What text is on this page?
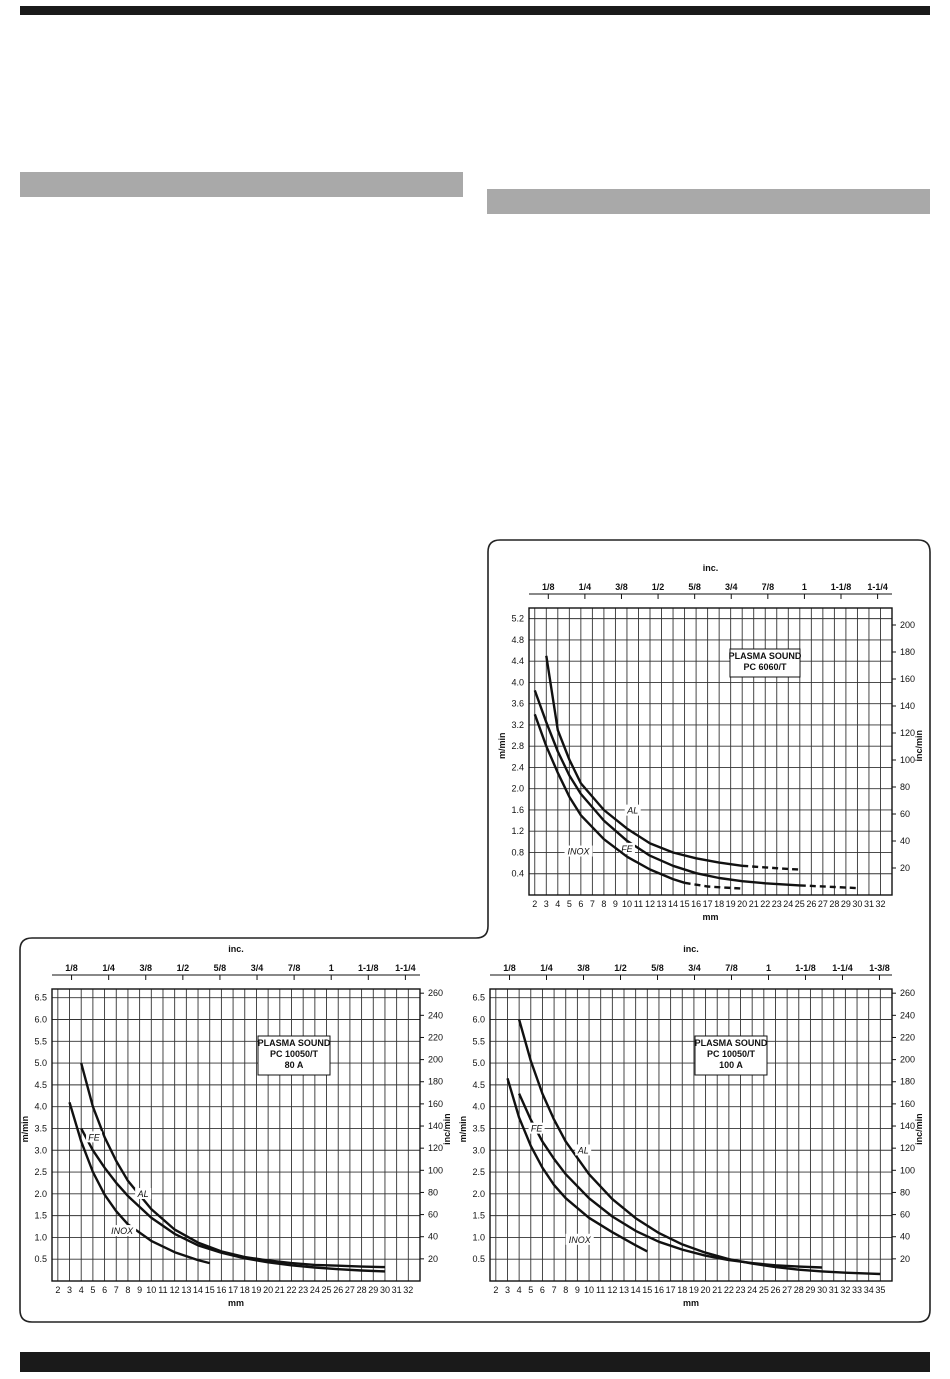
2 3 4 5 6 7 8 9 10 11 12 13 14 15 16 17 18 19 20 21 22 23 24 25 26 27 28 29 30 31 32
0.4
0.8
1.2
1.6
2.0
2.4
2.8
3.2
3.6
4.0
4.4
4.8
5.2
20
40
60
80
100
120
140
160
180
200
1/8	1/4	3/8	1/2	5/8	3/4	7/8	1	1-1/8 1-1/4
inc.
mm
m/min	inc/min
PLASMA SOUND
PC 6060/T
AL
FE
INOX
2 3 4 5 6 7 8 9 10 11 12 13 14 15 16 17 18 19 20 21 22 23 24 25 26 27 28 29 30 31 32
0.5
1.0
1.5
2.0
2.5
3.0
3.5
4.0
4.5
5.0
5.5
6.0
6.5
20
40
60
80
100
120
140
160
180
200
220
240
260
1/8	1/4	3/8	1/2	5/8	3/4	7/8	1	1-1/8 1-1/4
inc.
mm
m/min	inc/min
PLASMA SOUND
PC 10050/T
80 A
AL
FE
INOX
2 3 4 5 6 7 8 9 10 11 12 13 14 15 16 17 18 19 20 21 22 23 24 25 26 27 28 29 30 31 32 33 34 35
0.5
1.0
1.5
2.0
2.5
3.0
3.5
4.0
4.5
5.0
5.5
6.0
6.5
20
40
60
80
100
120
140
160
180
200
220
240
260
1/8	1/4	3/8	1/2	5/8	3/4	7/8	1	1-1/8 1-1/4 1-3/8
inc.
mm
m/min	inc/min
PLASMA SOUND
PC 10050/T
100 A
AL
FE
INOX
